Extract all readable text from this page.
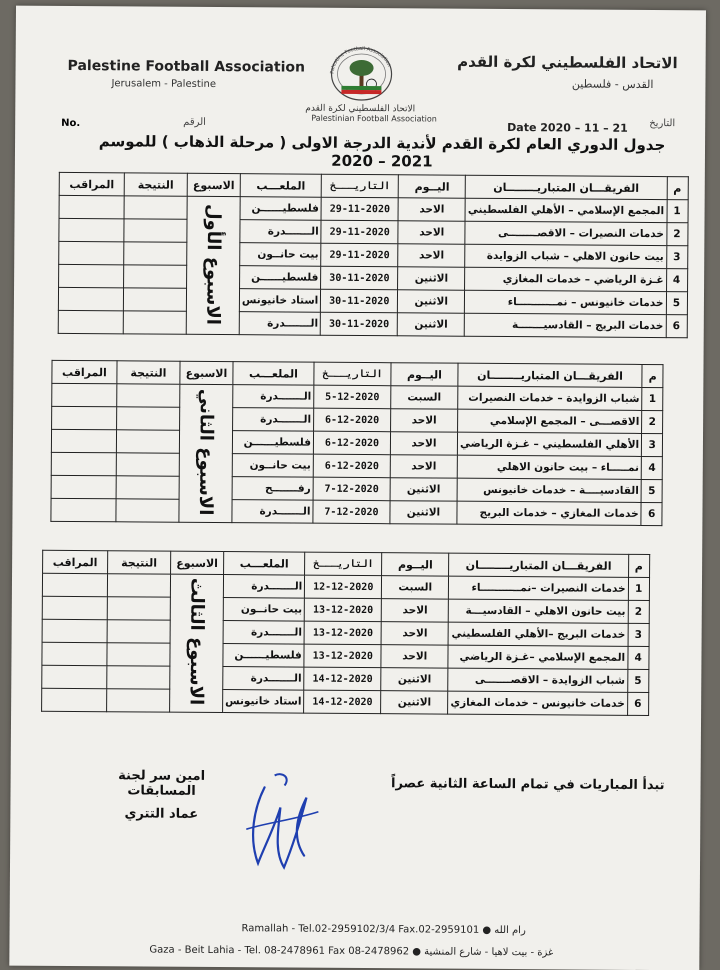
Palestine Football Association
Jerusalem - Palestine
الاتحاد الفلسطيني لكرة القدم
القدس - فلسطين
Palestine Football Association
الاتحاد الفلسطيني لكرة القدم
Palestinian Football Association
No.	الرقم	Date 2020 – 11 – 21 التاريخ
جدول الدوري العام لكرة القدم لأندية الدرجة الاولى ( مرحلة الذهاب ) للموسم 2021 – 2020
م	الفريقـــان المتباريــــــــان	اليــوم	التاريـــخ	الملعـــب	الاسبوع	النتيجة	المراقب
1	المجمع الإسلامي – الأهلي الفلسطيني	الاحد	29-11-2020	فلسطيــــــن	الاسبوع الأول		
2	خدمات النصيرات – الاقصــــــــى	الاحد	29-11-2020	الـــــــدرة			
3	بيت حانون الاهلي – شباب الزوايدة	الاحد	29-11-2020	بيت حانــون			
4	غـزة الرياضي – خدمات المغازي	الاثنين	30-11-2020	فلسطيــــــن			
5	خدمات خانيونس – نمـــــــــــاء	الاثنين	30-11-2020	استاد خانيونس			
6	خدمات البريج – القادسيـــــــة	الاثنين	30-11-2020	الـــــــدرة			
م	الفريقـــان المتباريــــــــان	اليــوم	التاريـــخ	الملعـــب	الاسبوع	النتيجة	المراقب
1	شباب الزوايدة – خدمات النصيرات	السبت	5-12-2020	الـــــــدرة	الاسبوع الثاني		
2	الاقصـــى – المجمع الإسلامي	الاحد	6-12-2020	الـــــــدرة			
3	الأهلي الفلسطيني – غـزة الرياضي	الاحد	6-12-2020	فلسطيــــــن			
4	نمـــــاء – بيت حانون الاهلي	الاحد	6-12-2020	بيت حانــون			
5	القادسيــــة – خدمات خانيونس	الاثنين	7-12-2020	رفـــــــح			
6	خدمات المغازي – خدمات البريج	الاثنين	7-12-2020	الـــــــدرة			
م	الفريقـــان المتباريــــــــان	اليــوم	التاريـــخ	الملعـــب	الاسبوع	النتيجة	المراقب
1	خدمات النصيرات –نمـــــــــــاء	السبت	12-12-2020	الـــــــدرة	الاسبوع الثالث		
2	بيت حانون الاهلي – القادسيـــة	الاحد	13-12-2020	بيت حانــون			
3	خدمات البريج –الأهلي الفلسطيني	الاحد	13-12-2020	الـــــــدرة			
4	المجمع الإسلامي –غـزة الرياضي	الاحد	13-12-2020	فلسطيــــــن			
5	شباب الزوايدة – الاقصـــــــى	الاثنين	14-12-2020	الـــــــدرة			
6	خدمات خانيونس – خدمات المغازي	الاثنين	14-12-2020	استاد خانيونس			
تبدأ المباريات في تمام الساعة الثانية عصراً
امين سر لجنة المسابقات
عماد التتري
Ramallah - Tel.02-2959102/3/4 Fax.02-2959101 ● رام الله
Gaza - Beit Lahia - Tel. 08-2478961 Fax 08-2478962 ● غزة - بيت لاهيا - شارع المنشية
